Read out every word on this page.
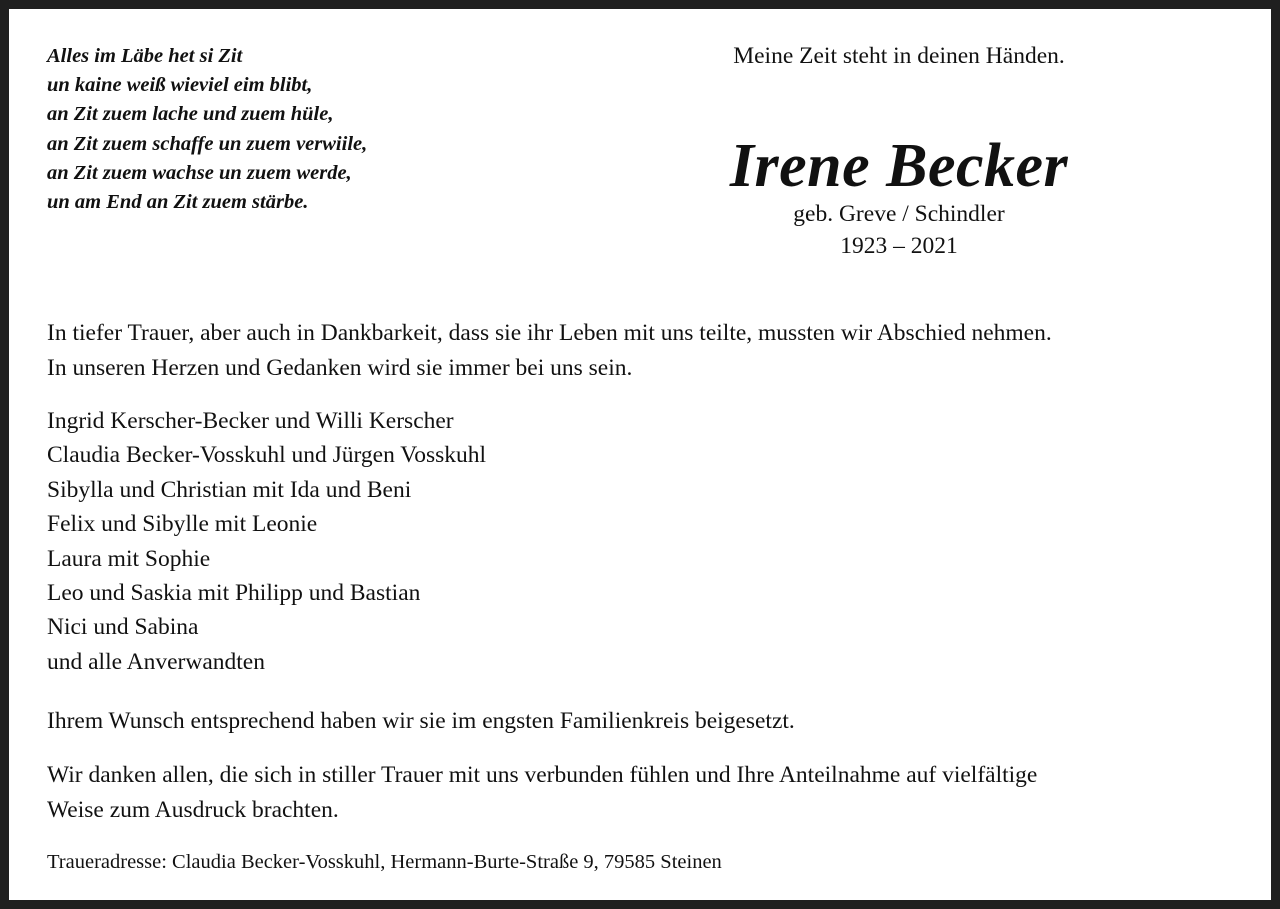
Alles im Läbe het si Zit
un kaine weiß wieviel eim blibt,
an Zit zuem lache und zuem hüle,
an Zit zuem schaffe un zuem verwiile,
an Zit zuem wachse un zuem werde,
un am End an Zit zuem stärbe.
Meine Zeit steht in deinen Händen.
Irene Becker
geb. Greve / Schindler
1923 – 2021
In tiefer Trauer, aber auch in Dankbarkeit, dass sie ihr Leben mit uns teilte, mussten wir Abschied nehmen.
In unseren Herzen und Gedanken wird sie immer bei uns sein.
Ingrid Kerscher-Becker und Willi Kerscher
Claudia Becker-Vosskuhl und Jürgen Vosskuhl
Sibylla und Christian mit Ida und Beni
Felix und Sibylle mit Leonie
Laura mit Sophie
Leo und Saskia mit Philipp und Bastian
Nici und Sabina
und alle Anverwandten
Ihrem Wunsch entsprechend haben wir sie im engsten Familienkreis beigesetzt.
Wir danken allen, die sich in stiller Trauer mit uns verbunden fühlen und Ihre Anteilnahme auf vielfältige
Weise zum Ausdruck brachten.
Traueradresse: Claudia Becker-Vosskuhl, Hermann-Burte-Straße 9, 79585 Steinen
